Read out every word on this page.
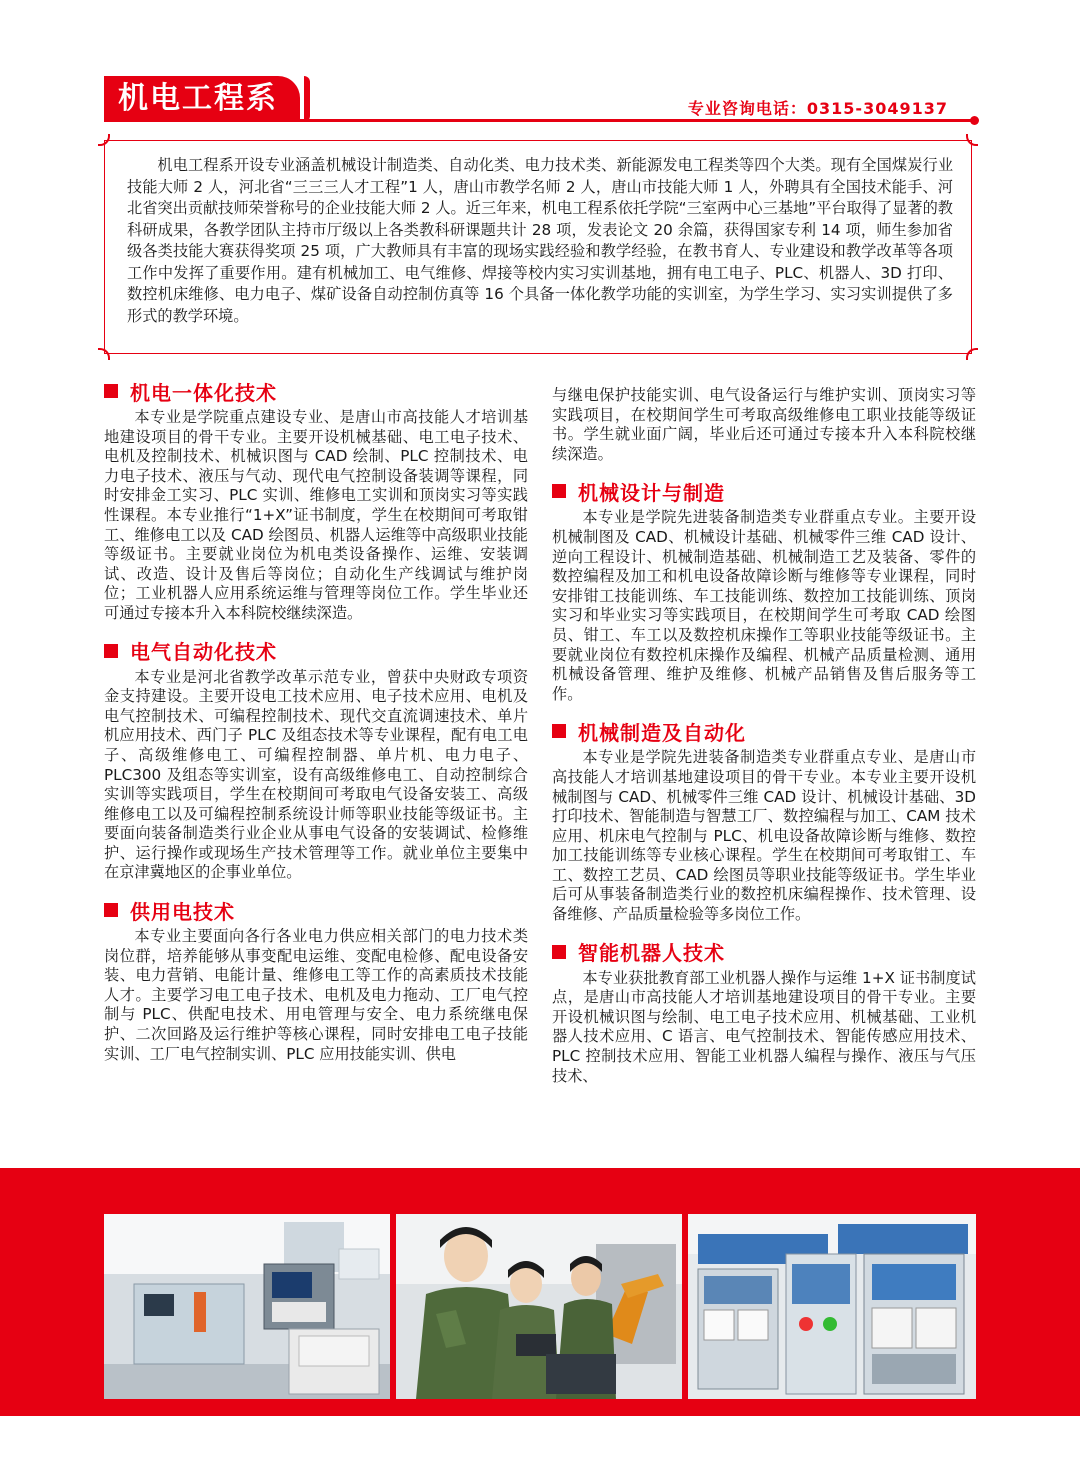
机电工程系	专业咨询电话：0315-3049137

机电工程系开设专业涵盖机械设计制造类、自动化类、电力技术类、新能源发电工程类等四个大类。现有全国煤炭行业技能大师 2 人，河北省“三三三人才工程”1 人，唐山市教学名师 2 人，唐山市技能大师 1 人，外聘具有全国技术能手、河北省突出贡献技师荣誉称号的企业技能大师 2 人。近三年来，机电工程系依托学院“三室两中心三基地”平台取得了显著的教科研成果，各教学团队主持市厅级以上各类教科研课题共计 28 项，发表论文 20 余篇，获得国家专利 14 项，师生参加省级各类技能大赛获得奖项 25 项，广大教师具有丰富的现场实践经验和教学经验，在教书育人、专业建设和教学改革等各项工作中发挥了重要作用。建有机械加工、电气维修、焊接等校内实习实训基地，拥有电工电子、PLC、机器人、3D 打印、数控机床维修、电力电子、煤矿设备自动控制仿真等 16 个具备一体化教学功能的实训室，为学生学习、实习实训提供了多形式的教学环境。

机电一体化技术

本专业是学院重点建设专业、是唐山市高技能人才培训基地建设项目的骨干专业。主要开设机械基础、电工电子技术、电机及控制技术、机械识图与 CAD 绘制、PLC 控制技术、电力电子技术、液压与气动、现代电气控制设备装调等课程，同时安排金工实习、PLC 实训、维修电工实训和顶岗实习等实践性课程。本专业推行“1+X”证书制度，学生在校期间可考取钳工、维修电工以及 CAD 绘图员、机器人运维等中高级职业技能等级证书。主要就业岗位为机电类设备操作、运维、安装调试、改造、设计及售后等岗位；自动化生产线调试与维护岗位；工业机器人应用系统运维与管理等岗位工作。学生毕业还可通过专接本升入本科院校继续深造。

电气自动化技术

本专业是河北省教学改革示范专业，曾获中央财政专项资金支持建设。主要开设电工技术应用、电子技术应用、电机及电气控制技术、可编程控制技术、现代交直流调速技术、单片机应用技术、西门子 PLC 及组态技术等专业课程，配有电工电子、高级维修电工、可编程控制器、单片机、电力电子、PLC300 及组态等实训室，设有高级维修电工、自动控制综合实训等实践项目，学生在校期间可考取电气设备安装工、高级维修电工以及可编程控制系统设计师等职业技能等级证书。主要面向装备制造类行业企业从事电气设备的安装调试、检修维护、运行操作或现场生产技术管理等工作。就业单位主要集中在京津冀地区的企事业单位。

供用电技术

本专业主要面向各行各业电力供应相关部门的电力技术类岗位群，培养能够从事变配电运维、变配电检修、配电设备安装、电力营销、电能计量、维修电工等工作的高素质技术技能人才。主要学习电工电子技术、电机及电力拖动、工厂电气控制与 PLC、供配电技术、用电管理与安全、电力系统继电保护、二次回路及运行维护等核心课程，同时安排电工电子技能实训、工厂电气控制实训、PLC 应用技能实训、供电

与继电保护技能实训、电气设备运行与维护实训、顶岗实习等实践项目，在校期间学生可考取高级维修电工职业技能等级证书。学生就业面广阔，毕业后还可通过专接本升入本科院校继续深造。

机械设计与制造

本专业是学院先进装备制造类专业群重点专业。主要开设机械制图及 CAD、机械设计基础、机械零件三维 CAD 设计、逆向工程设计、机械制造基础、机械制造工艺及装备、零件的数控编程及加工和机电设备故障诊断与维修等专业课程，同时安排钳工技能训练、车工技能训练、数控加工技能训练、顶岗实习和毕业实习等实践项目，在校期间学生可考取 CAD 绘图员、钳工、车工以及数控机床操作工等职业技能等级证书。主要就业岗位有数控机床操作及编程、机械产品质量检测、通用机械设备管理、维护及维修、机械产品销售及售后服务等工作。

机械制造及自动化

本专业是学院先进装备制造类专业群重点专业、是唐山市高技能人才培训基地建设项目的骨干专业。本专业主要开设机械制图与 CAD、机械零件三维 CAD 设计、机械设计基础、3D 打印技术、智能制造与智慧工厂、数控编程与加工、CAM 技术应用、机床电气控制与 PLC、机电设备故障诊断与维修、数控加工技能训练等专业核心课程。学生在校期间可考取钳工、车工、数控工艺员、CAD 绘图员等职业技能等级证书。学生毕业后可从事装备制造类行业的数控机床编程操作、技术管理、设备维修、产品质量检验等多岗位工作。

智能机器人技术

本专业获批教育部工业机器人操作与运维 1+X 证书制度试点，是唐山市高技能人才培训基地建设项目的骨干专业。主要开设机械识图与绘制、电工电子技术应用、机械基础、工业机器人技术应用、C 语言、电气控制技术、智能传感应用技术、PLC 控制技术应用、智能工业机器人编程与操作、液压与气压技术、
